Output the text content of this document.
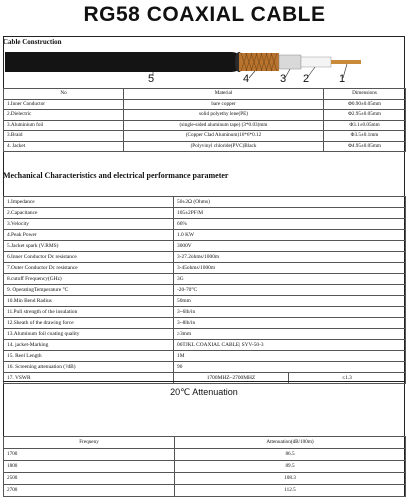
RG58 COAXIAL CABLE
Cable Construction
5	4	3 2	1
No	Material	Dimensions
1.Inner Conductor	bare copper	Φ0.90±0.05mm
2.Dielectric	solid polyethy lene(PE)	Φ2.95±0.05mm
3.Aluminium foil	(single-sided aluminum tape) (3*0.03)mm	Φ3.1±0.05mm
3.Braid	(Copper Clad Aluminum)16*6*0.12	Φ3.5±0.1mm
4. Jacket	(Polyvinyl chloride(PVC)Black	Φ4.95±0.05mm
Mechanical Characteristics and electrical performance parameter
1.Impedance	50±2Ω (Ohms)	
2.Capacitance	105±2PF/M	
3.Velocity	66%	
4.Peak Power	1.0 KW	
5.Jacket spark (V.RMS)	3000V	
6.Inner Conductor Dc resistance	3-27.2ohms/1000m	
7.Outer Conductor Dc resistance	3-45ohms/1000m	
8.cutoff Frequency(GHz)	3G	
9. OperatingTemperature °C	-20-70°C	
10.Min Bend Radius	50mm	
11.Pull strength of the insulation	3~6lb/in	
12.Sheath of the drawing force	3~8lb/in	
13.Aluminum foil coating quality	≥3mm	
14. jacket-Marking	06TJKL COAXIAL CABLE| SYV-50-3	
15. Reel Length	1M	
16. Screening attenuation (?dB)	90	
17. VSWR	1700MHZ~2700MHZ	≤1.3
20℃ Attenuation
Frequeny	Attenuation(dB/100m)
1700	86.5
1800	89.5
2500	108.3
2700	112.5
